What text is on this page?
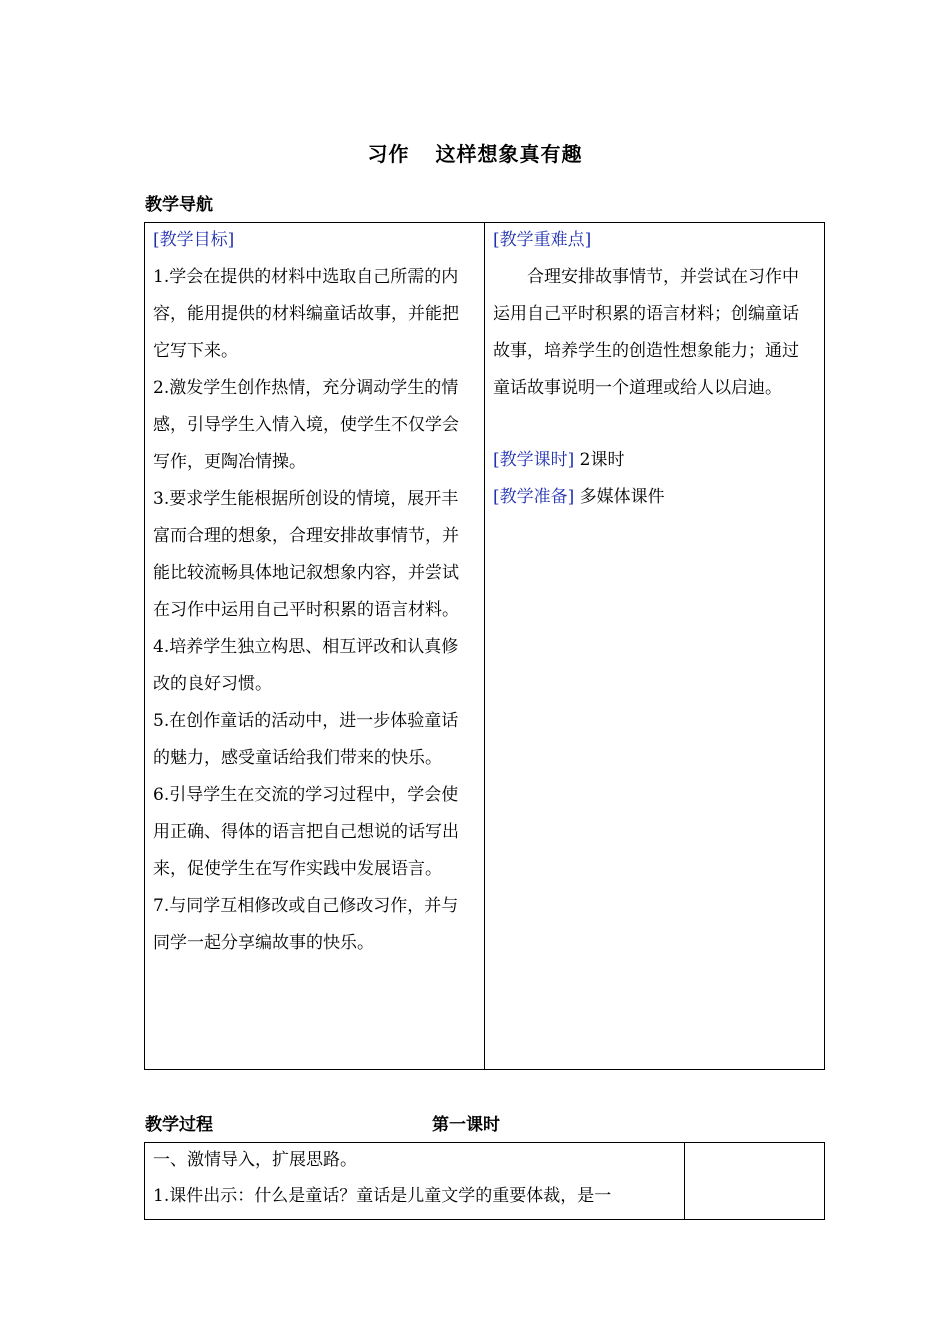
习作 这样想象真有趣
教学导航

[教学目标]

1.学会在提供的材料中选取自己所需的内容，能用提供的材料编童话故事，并能把它写下来。

2.激发学生创作热情，充分调动学生的情感，引导学生入情入境，使学生不仅学会写作，更陶冶情操。

3.要求学生能根据所创设的情境，展开丰富而合理的想象，合理安排故事情节，并能比较流畅具体地记叙想象内容，并尝试在习作中运用自己平时积累的语言材料。

4.培养学生独立构思、相互评改和认真修改的良好习惯。

5.在创作童话的活动中，进一步体验童话的魅力，感受童话给我们带来的快乐。

6.引导学生在交流的学习过程中，学会使用正确、得体的语言把自己想说的话写出来，促使学生在写作实践中发展语言。

7.与同学互相修改或自己修改习作，并与同学一起分享编故事的快乐。

[教学重难点]

合理安排故事情节，并尝试在习作中运用自己平时积累的语言材料；创编童话故事，培养学生的创造性想象能力；通过童话故事说明一个道理或给人以启迪。

[教学课时] 2课时

[教学准备] 多媒体课件

教学过程	第一课时

一、激情导入，扩展思路。

1.课件出示：什么是童话？童话是儿童文学的重要体裁，是一
